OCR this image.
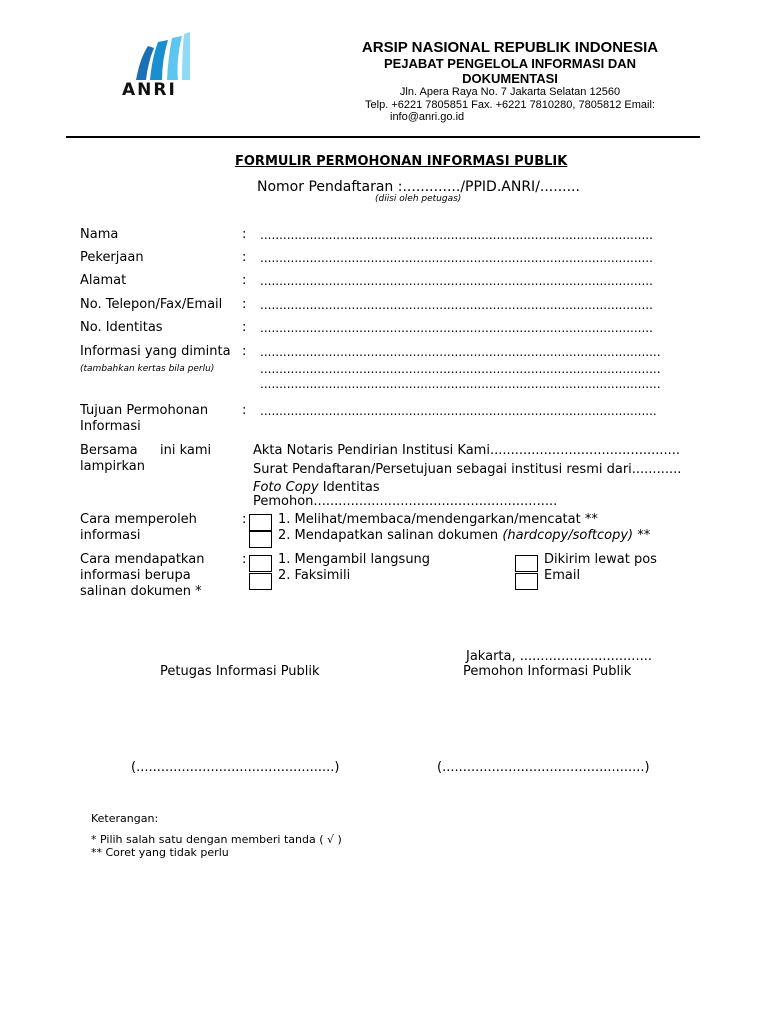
ANRI
ARSIP NASIONAL REPUBLIK INDONESIA
PEJABAT PENGELOLA INFORMASI DAN
DOKUMENTASI
Jln. Apera Raya No. 7 Jakarta Selatan 12560
Telp. +6221 7805851 Fax. +6221 7810280, 7805812 Email:
info@anri.go.id
FORMULIR PERMOHONAN INFORMASI PUBLIK
Nomor Pendaftaran :............./PPID.ANRI/.........
(diisi oleh petugas)
Nama	: .......................................................................................................
Pekerjaan	: .......................................................................................................
Alamat	: .......................................................................................................
No. Telepon/Fax/Email : .......................................................................................................
No. Identitas	: .......................................................................................................
Informasi yang diminta
(tambahkan kertas bila perlu)
: .........................................................................................................
.........................................................................................................
.........................................................................................................
Tujuan Permohonan
Informasi
: ........................................................................................................
Bersama ini kami
lampirkan
Akta Notaris Pendirian Institusi Kami..............................................
Surat Pendaftaran/Persetujuan sebagai institusi resmi dari............
Foto Copy Identitas
Pemohon...........................................................
Cara memperoleh
informasi
: 1. Melihat/membaca/mendengarkan/mencatat **
2. Mendapatkan salinan dokumen (hardcopy/softcopy) **
Cara mendapatkan
informasi berupa
salinan dokumen *
: 1. Mengambil langsung
2. Faksimili
Dikirim lewat pos
Email
Jakarta, ................................
Petugas Informasi Publik	Pemohon Informasi Publik
(................................................)	(.................................................)
Keterangan:
* Pilih salah satu dengan memberi tanda ( √ )
** Coret yang tidak perlu
